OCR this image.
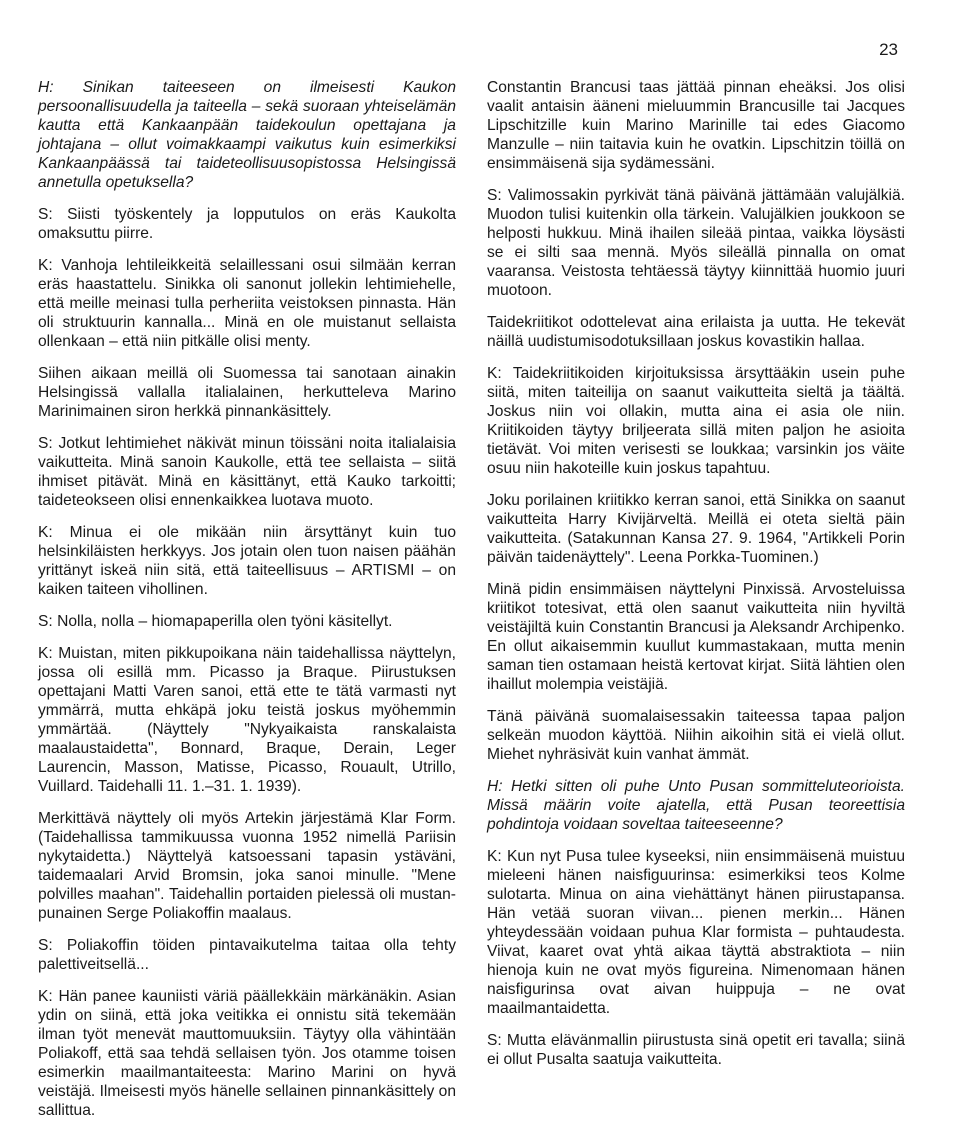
23

H: Sinikan taiteeseen on ilmeisesti Kaukon persoonallisuudella ja taiteella – sekä suoraan yhteiselämän kautta että Kankaanpään taidekoulun opettajana ja johtajana – ollut voimakkaampi vaikutus kuin esimerkiksi Kankaanpäässä tai taideteollisuusopistossa Helsingissä annetulla opetuksella?

S: Siisti työskentely ja lopputulos on eräs Kaukolta omaksuttu piirre.

K: Vanhoja lehtileikkeitä selaillessani osui silmään kerran eräs haastattelu. Sinikka oli sanonut jollekin lehtimiehelle, että meille meinasi tulla perheriita veistoksen pinnasta. Hän oli struktuurin kannalla... Minä en ole muistanut sellaista ollenkaan – että niin pitkälle olisi menty.

Siihen aikaan meillä oli Suomessa tai sanotaan ainakin Helsingissä vallalla italialainen, herkutteleva Marino Marinimainen siron herkkä pinnankäsittely.

S: Jotkut lehtimiehet näkivät minun töissäni noita italialaisia vaikutteita. Minä sanoin Kaukolle, että tee sellaista – siitä ihmiset pitävät. Minä en käsittänyt, että Kauko tarkoitti; taideteokseen olisi ennenkaikkea luotava muoto.

K: Minua ei ole mikään niin ärsyttänyt kuin tuo helsinkiläisten herkkyys. Jos jotain olen tuon naisen päähän yrittänyt iskeä niin sitä, että taiteellisuus – ARTISMI – on kaiken taiteen vihollinen.

S: Nolla, nolla – hiomapaperilla olen työni käsitellyt.

K: Muistan, miten pikkupoikana näin taidehallissa näyttelyn, jossa oli esillä mm. Picasso ja Braque. Piirustuksen opettajani Matti Varen sanoi, että ette te tätä varmasti nyt ymmärrä, mutta ehkäpä joku teistä joskus myöhemmin ymmärtää. (Näyttely "Nykyaikaista ranskalaista maalaustaidetta", Bonnard, Braque, Derain, Leger Laurencin, Masson, Matisse, Picasso, Rouault, Utrillo, Vuillard. Taidehalli 11. 1.–31. 1. 1939).

Merkittävä näyttely oli myös Artekin järjestämä Klar Form. (Taidehallissa tammikuussa vuonna 1952 nimellä Pariisin nykytaidetta.) Näyttelyä katsoessani tapasin ystäväni, taidemaalari Arvid Bromsin, joka sanoi minulle. "Mene polvilles maahan". Taidehallin portaiden pielessä oli mustan-punainen Serge Poliakoffin maalaus.

S: Poliakoffin töiden pintavaikutelma taitaa olla tehty palettiveitsellä...

K: Hän panee kauniisti väriä päällekkäin märkänäkin. Asian ydin on siinä, että joka veitikka ei onnistu sitä tekemään ilman työt menevät mauttomuuksiin. Täytyy olla vähintään Poliakoff, että saa tehdä sellaisen työn. Jos otamme toisen esimerkin maailmantaiteesta: Marino Marini on hyvä veistäjä. Ilmeisesti myös hänelle sellainen pinnankäsittely on sallittua.

Constantin Brancusi taas jättää pinnan eheäksi. Jos olisi vaalit antaisin ääneni mieluummin Brancusille tai Jacques Lipschitzille kuin Marino Marinille tai edes Giacomo Manzulle – niin taitavia kuin he ovatkin. Lipschitzin töillä on ensimmäisenä sija sydämessäni.

S: Valimossakin pyrkivät tänä päivänä jättämään valujälkiä. Muodon tulisi kuitenkin olla tärkein. Valujälkien joukkoon se helposti hukkuu. Minä ihailen sileää pintaa, vaikka löysästi se ei silti saa mennä. Myös sileällä pinnalla on omat vaaransa. Veistosta tehtäessä täytyy kiinnittää huomio juuri muotoon.

Taidekriitikot odottelevat aina erilaista ja uutta. He tekevät näillä uudistumisodotuksillaan joskus kovastikin hallaa.

K: Taidekriitikoiden kirjoituksissa ärsyttääkin usein puhe siitä, miten taiteilija on saanut vaikutteita sieltä ja täältä. Joskus niin voi ollakin, mutta aina ei asia ole niin. Kriitikoiden täytyy briljeerata sillä miten paljon he asioita tietävät. Voi miten verisesti se loukkaa; varsinkin jos väite osuu niin hakoteille kuin joskus tapahtuu.

Joku porilainen kriitikko kerran sanoi, että Sinikka on saanut vaikutteita Harry Kivijärveltä. Meillä ei oteta sieltä päin vaikutteita. (Satakunnan Kansa 27. 9. 1964, "Artikkeli Porin päivän taidenäyttely". Leena Porkka-Tuominen.)

Minä pidin ensimmäisen näyttelyni Pinxissä. Arvosteluissa kriitikot totesivat, että olen saanut vaikutteita niin hyviltä veistäjiltä kuin Constantin Brancusi ja Aleksandr Archipenko. En ollut aikaisemmin kuullut kummastakaan, mutta menin saman tien ostamaan heistä kertovat kirjat. Siitä lähtien olen ihaillut molempia veistäjiä.

Tänä päivänä suomalaisessakin taiteessa tapaa paljon selkeän muodon käyttöä. Niihin aikoihin sitä ei vielä ollut. Miehet nyhräsivät kuin vanhat ämmät.

H: Hetki sitten oli puhe Unto Pusan sommitteluteorioista. Missä määrin voite ajatella, että Pusan teoreettisia pohdintoja voidaan soveltaa taiteeseenne?

K: Kun nyt Pusa tulee kyseeksi, niin ensimmäisenä muistuu mieleeni hänen naisfiguurinsa: esimerkiksi teos Kolme sulotarta. Minua on aina viehättänyt hänen piirustapansa. Hän vetää suoran viivan... pienen merkin... Hänen yhteydessään voidaan puhua Klar formista – puhtaudesta. Viivat, kaaret ovat yhtä aikaa täyttä abstraktiota – niin hienoja kuin ne ovat myös figureina. Nimenomaan hänen naisfigurinsa ovat aivan huippuja – ne ovat maailmantaidetta.

S: Mutta elävänmallin piirustusta sinä opetit eri tavalla; siinä ei ollut Pusalta saatuja vaikutteita.
